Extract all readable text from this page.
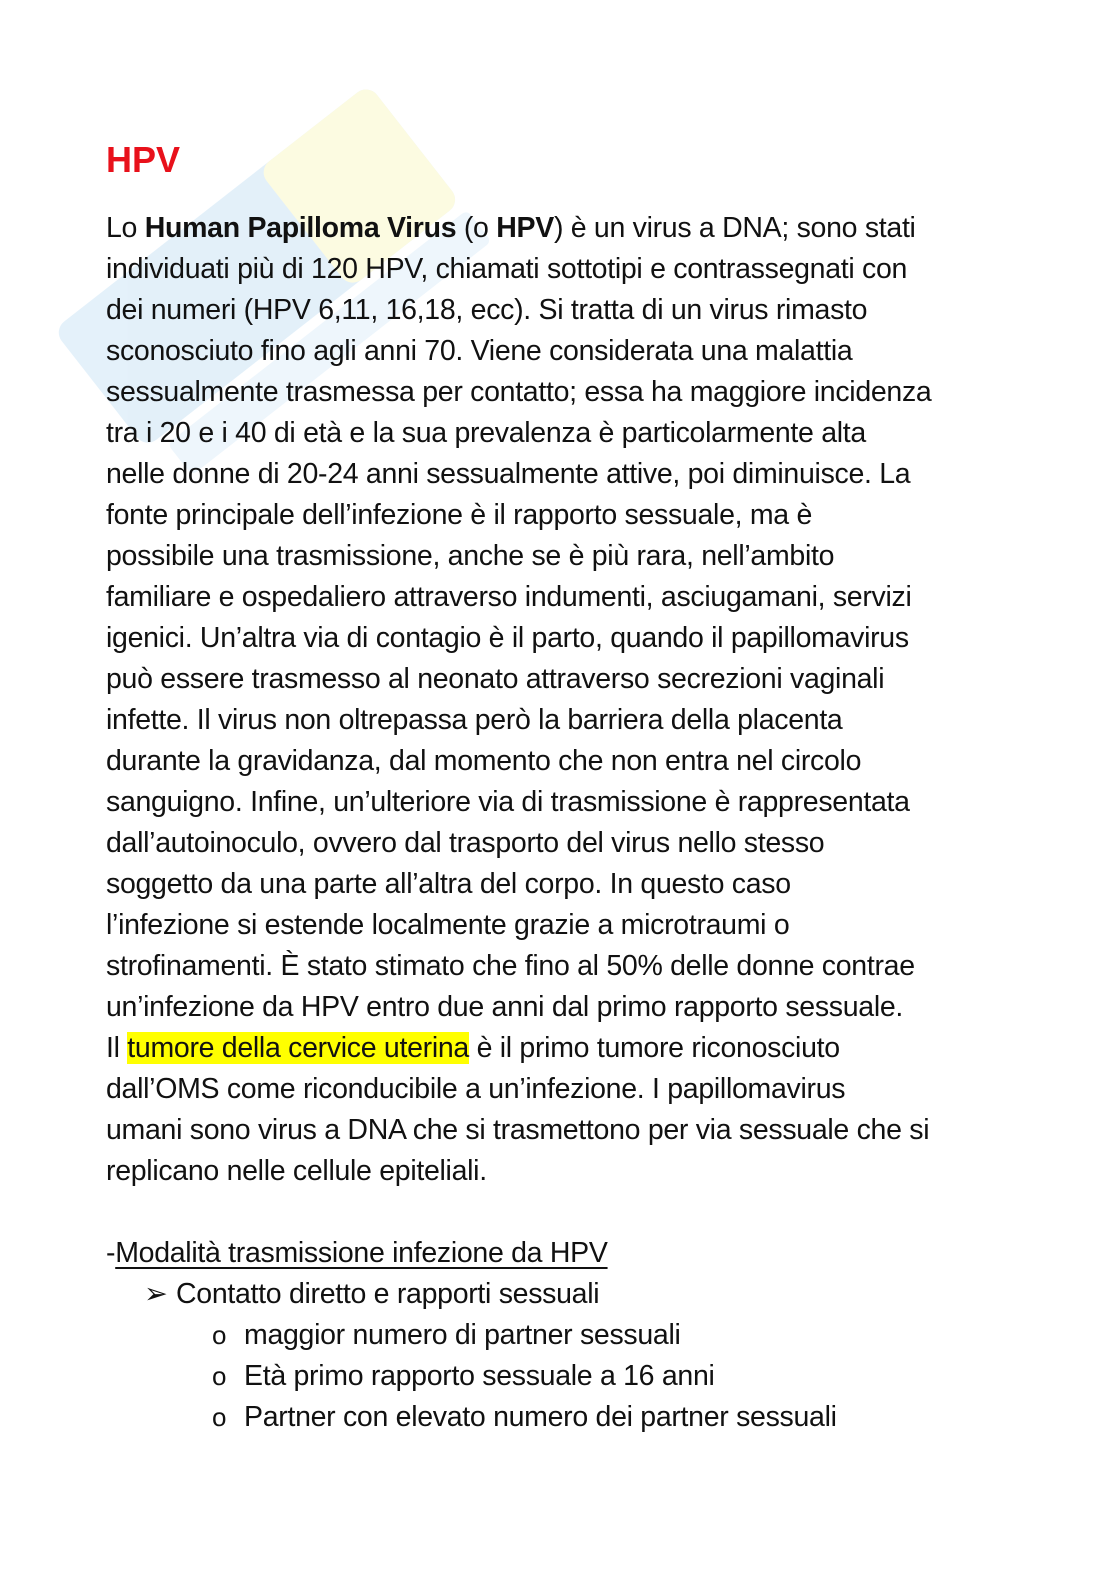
HPV

Lo Human Papilloma Virus (o HPV) è un virus a DNA; sono stati
individuati più di 120 HPV, chiamati sottotipi e contrassegnati con
dei numeri (HPV 6,11, 16,18, ecc). Si tratta di un virus rimasto
sconosciuto fino agli anni 70. Viene considerata una malattia
sessualmente trasmessa per contatto; essa ha maggiore incidenza
tra i 20 e i 40 di età e la sua prevalenza è particolarmente alta
nelle donne di 20-24 anni sessualmente attive, poi diminuisce. La
fonte principale dell’infezione è il rapporto sessuale, ma è
possibile una trasmissione, anche se è più rara, nell’ambito
familiare e ospedaliero attraverso indumenti, asciugamani, servizi
igenici. Un’altra via di contagio è il parto, quando il papillomavirus
può essere trasmesso al neonato attraverso secrezioni vaginali
infette. Il virus non oltrepassa però la barriera della placenta
durante la gravidanza, dal momento che non entra nel circolo
sanguigno. Infine, un’ulteriore via di trasmissione è rappresentata
dall’autoinoculo, ovvero dal trasporto del virus nello stesso
soggetto da una parte all’altra del corpo. In questo caso
l’infezione si estende localmente grazie a microtraumi o
strofinamenti. È stato stimato che fino al 50% delle donne contrae
un’infezione da HPV entro due anni dal primo rapporto sessuale.
Il tumore della cervice uterina è il primo tumore riconosciuto
dall’OMS come riconducibile a un’infezione. I papillomavirus
umani sono virus a DNA che si trasmettono per via sessuale che si
replicano nelle cellule epiteliali.

-Modalità trasmissione infezione da HPV
➢ Contatto diretto e rapporti sessuali
o maggior numero di partner sessuali
o Età primo rapporto sessuale a 16 anni
o Partner con elevato numero dei partner sessuali
